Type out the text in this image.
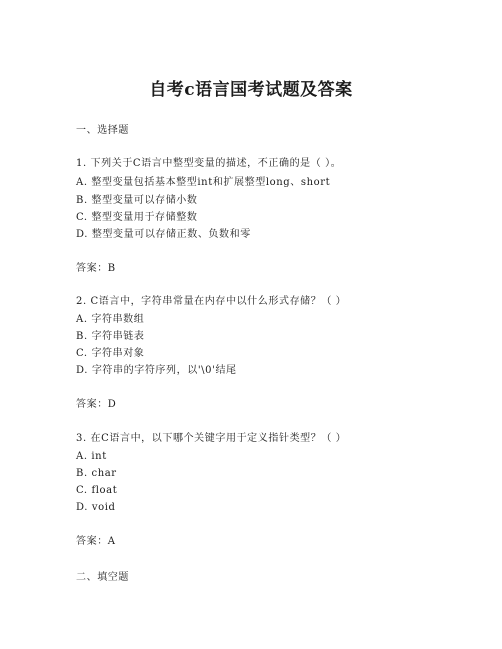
自考c语言国考试题及答案
一、选择题
1. 下列关于C语言中整型变量的描述，不正确的是（ ）。
A. 整型变量包括基本整型int和扩展整型long、short
B. 整型变量可以存储小数
C. 整型变量用于存储整数
D. 整型变量可以存储正数、负数和零
答案：B
2. C语言中，字符串常量在内存中以什么形式存储？（ ）
A. 字符串数组
B. 字符串链表
C. 字符串对象
D. 字符串的字符序列，以'\0'结尾
答案：D
3. 在C语言中，以下哪个关键字用于定义指针类型？（ ）
A. int
B. char
C. float
D. void
答案：A
二、填空题
